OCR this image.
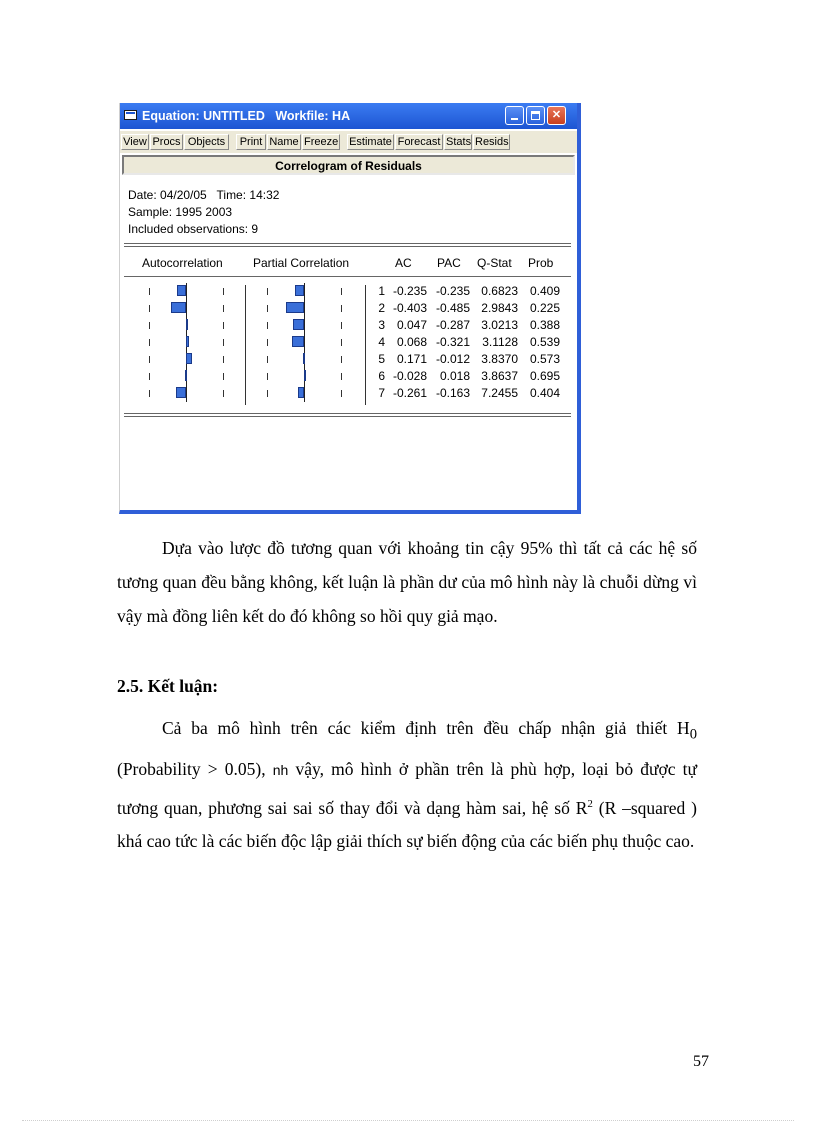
Equation: UNTITLED   Workfile: HA	✕
View Procs Objects	Print Name Freeze Estimate Forecast Stats Resids
Correlogram of Residuals
Date: 04/20/05   Time: 14:32
Sample: 1995 2003
Included observations: 9
Autocorrelation	Partial Correlation	AC PAC Q-Stat Prob
1 -0.235 -0.235 0.6823 0.409
2 -0.403 -0.485 2.9843 0.225
3 0.047 -0.287 3.0213 0.388
4 0.068 -0.321	3.1128 0.539
5 0.171 -0.012 3.8370 0.573
6 -0.028	0.018 3.8637 0.695
7 -0.261 -0.163 7.2455 0.404
Dựa vào lược đồ tương quan với khoảng tin cậy 95% thì tất cả các hệ số tương quan đều bằng không, kết luận là phần dư của mô hình này là chuỗi dừng vì vậy mà đồng liên kết do đó không so hồi quy giả mạo.
2.5. Kết luận:
Cả ba mô hình trên các kiểm định trên đều chấp nhận giả thiết $H_0$ (Probability > 0.05), nh vậy, mô hình ở phần trên là phù hợp, loại bỏ được tự tương quan, phương sai sai số thay đổi và dạng hàm sai, hệ số $R^2$ (R –squared ) khá cao tức là các biến độc lập giải thích sự biến động của các biến phụ thuộc cao.
57
